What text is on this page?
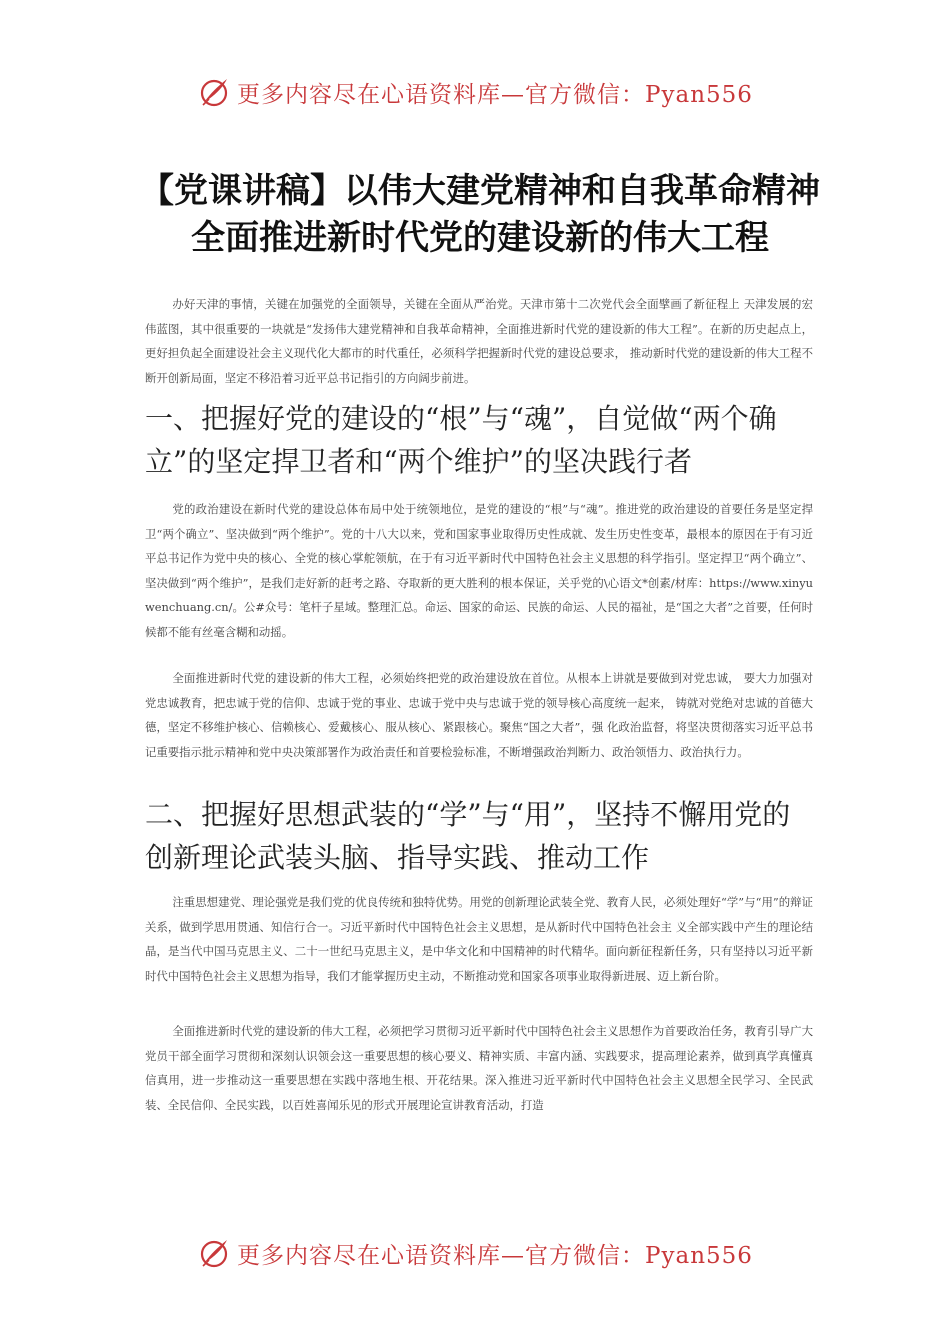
更多内容尽在心语资料库—官方微信：Pyan556
【党课讲稿】以伟大建党精神和自我革命精神全面推进新时代党的建设新的伟大工程
办好天津的事情，关键在加强党的全面领导，关键在全面从严治党。天津市第十二次党代会全面擘画了新征程上 天津发展的宏伟蓝图，其中很重要的一块就是“发扬伟大建党精神和自我革命精神，全面推进新时代党的建设新的伟大工程”。在新的历史起点上，更好担负起全面建设社会主义现代化大都市的时代重任，必须科学把握新时代党的建设总要求， 推动新时代党的建设新的伟大工程不断开创新局面，坚定不移沿着习近平总书记指引的方向阔步前进。
一、把握好党的建设的“根”与“魂”，自觉做“两个确立”的坚定捍卫者和“两个维护”的坚决践行者
党的政治建设在新时代党的建设总体布局中处于统领地位，是党的建设的“根”与“魂”。推进党的政治建设的首要任务是坚定捍卫“两个确立”、坚决做到“两个维护”。党的十八大以来，党和国家事业取得历史性成就、发生历史性变革，最根本的原因在于有习近平总书记作为党中央的核心、全党的核心掌舵领航，在于有习近平新时代中国特色社会主义思想的科学指引。坚定捍卫“两个确立”、坚决做到“两个维护”，是我们走好新的赶考之路、夺取新的更大胜利的根本保证，关乎党的\心语文*创素/材库：https://www.xinyuwenchuang.cn/。公#众号：笔杆子星域。整理汇总。命运、国家的命运、民族的命运、人民的福祉，是“国之大者”之首要，任何时候都不能有丝毫含糊和动摇。
全面推进新时代党的建设新的伟大工程，必须始终把党的政治建设放在首位。从根本上讲就是要做到对党忠诚， 要大力加强对党忠诚教育，把忠诚于党的信仰、忠诚于党的事业、忠诚于党中央与忠诚于党的领导核心高度统一起来， 铸就对党绝对忠诚的首德大德，坚定不移维护核心、信赖核心、爱戴核心、服从核心、紧跟核心。聚焦“国之大者”，强 化政治监督，将坚决贯彻落实习近平总书记重要指示批示精神和党中央决策部署作为政治责任和首要检验标准，不断增强政治判断力、政治领悟力、政治执行力。
二、把握好思想武装的“学”与“用”，坚持不懈用党的创新理论武装头脑、指导实践、推动工作
注重思想建党、理论强党是我们党的优良传统和独特优势。用党的创新理论武装全党、教育人民，必须处理好“学”与“用”的辩证关系，做到学思用贯通、知信行合一。习近平新时代中国特色社会主义思想，是从新时代中国特色社会主 义全部实践中产生的理论结晶，是当代中国马克思主义、二十一世纪马克思主义，是中华文化和中国精神的时代精华。面向新征程新任务，只有坚持以习近平新时代中国特色社会主义思想为指导，我们才能掌握历史主动，不断推动党和国家各项事业取得新进展、迈上新台阶。
全面推进新时代党的建设新的伟大工程，必须把学习贯彻习近平新时代中国特色社会主义思想作为首要政治任务，教育引导广大党员干部全面学习贯彻和深刻认识领会这一重要思想的核心要义、精神实质、丰富内涵、实践要求，提高理论素养，做到真学真懂真信真用，进一步推动这一重要思想在实践中落地生根、开花结果。深入推进习近平新时代中国特色社会主义思想全民学习、全民武装、全民信仰、全民实践，以百姓喜闻乐见的形式开展理论宣讲教育活动，打造
更多内容尽在心语资料库—官方微信：Pyan556
